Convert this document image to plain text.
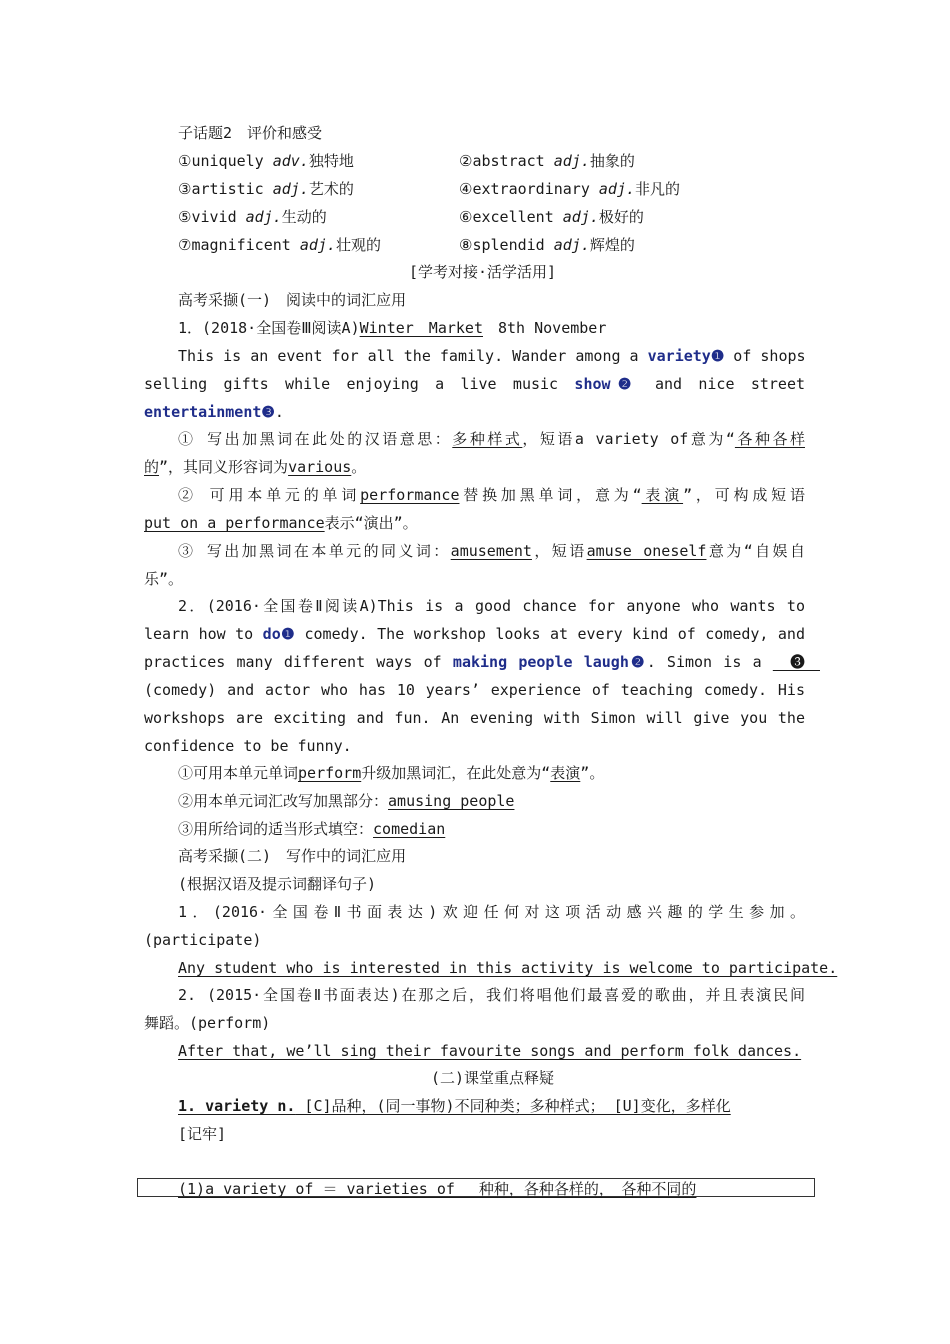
子话题2　评价和感受
①uniquely adv.独特地	②abstract adj.抽象的
③artistic adj.艺术的	④extraordinary adj.非凡的
⑤vivid adj.生动的	⑥excellent adj.极好的
⑦magnificent adj.壮观的	⑧splendid adj.辉煌的
[学考对接·活学活用]
高考采撷(一)　阅读中的词汇应用
1．(2018·全国卷Ⅲ阅读A)Winter　Market　8th November
This is an event for all the family. Wander among a variety❶ of shops
selling gifts while enjoying a live music show❷ and nice street
entertainment❸.
① 写出加黑词在此处的汉语意思：多种样式，短语a variety of意为“各种各样
的”，其同义形容词为various。
② 可用本单元的单词performance替换加黑单词，意为“表演”，可构成短语
put on a performance表示“演出”。
③ 写出加黑词在本单元的同义词：amusement，短语amuse oneself意为“自娱自
乐”。
2．(2016·全国卷Ⅱ阅读A)This is a good chance for anyone who wants to
learn how to do❶ comedy. The workshop looks at every kind of comedy, and
practices many different ways of making people laugh❷. Simon is a 　❸　
(comedy) and actor who has 10 years’ experience of teaching comedy. His
workshops are exciting and fun. An evening with Simon will give you the
confidence to be funny.
①可用本单元单词perform升级加黑词汇，在此处意为“表演”。
②用本单元词汇改写加黑部分：amusing people
③用所给词的适当形式填空：comedian
高考采撷(二)　写作中的词汇应用
(根据汉语及提示词翻译句子)
1．(2016·全国卷Ⅱ书面表达)欢迎任何对这项活动感兴趣的学生参加。
(participate)
Any student who is interested in this activity is welcome to participate.
2. (2015·全国卷Ⅱ书面表达)在那之后，我们将唱他们最喜爱的歌曲，并且表演民间
舞蹈。(perform)
After that, we’ll sing their favourite songs and perform folk dances.
(二)课堂重点释疑
1. variety n. [C]品种，(同一事物)不同种类；多种样式； [U]变化，多样化
[记牢]
(1)a variety of ＝ varieties of　 种种，各种各样的，　各种不同的
